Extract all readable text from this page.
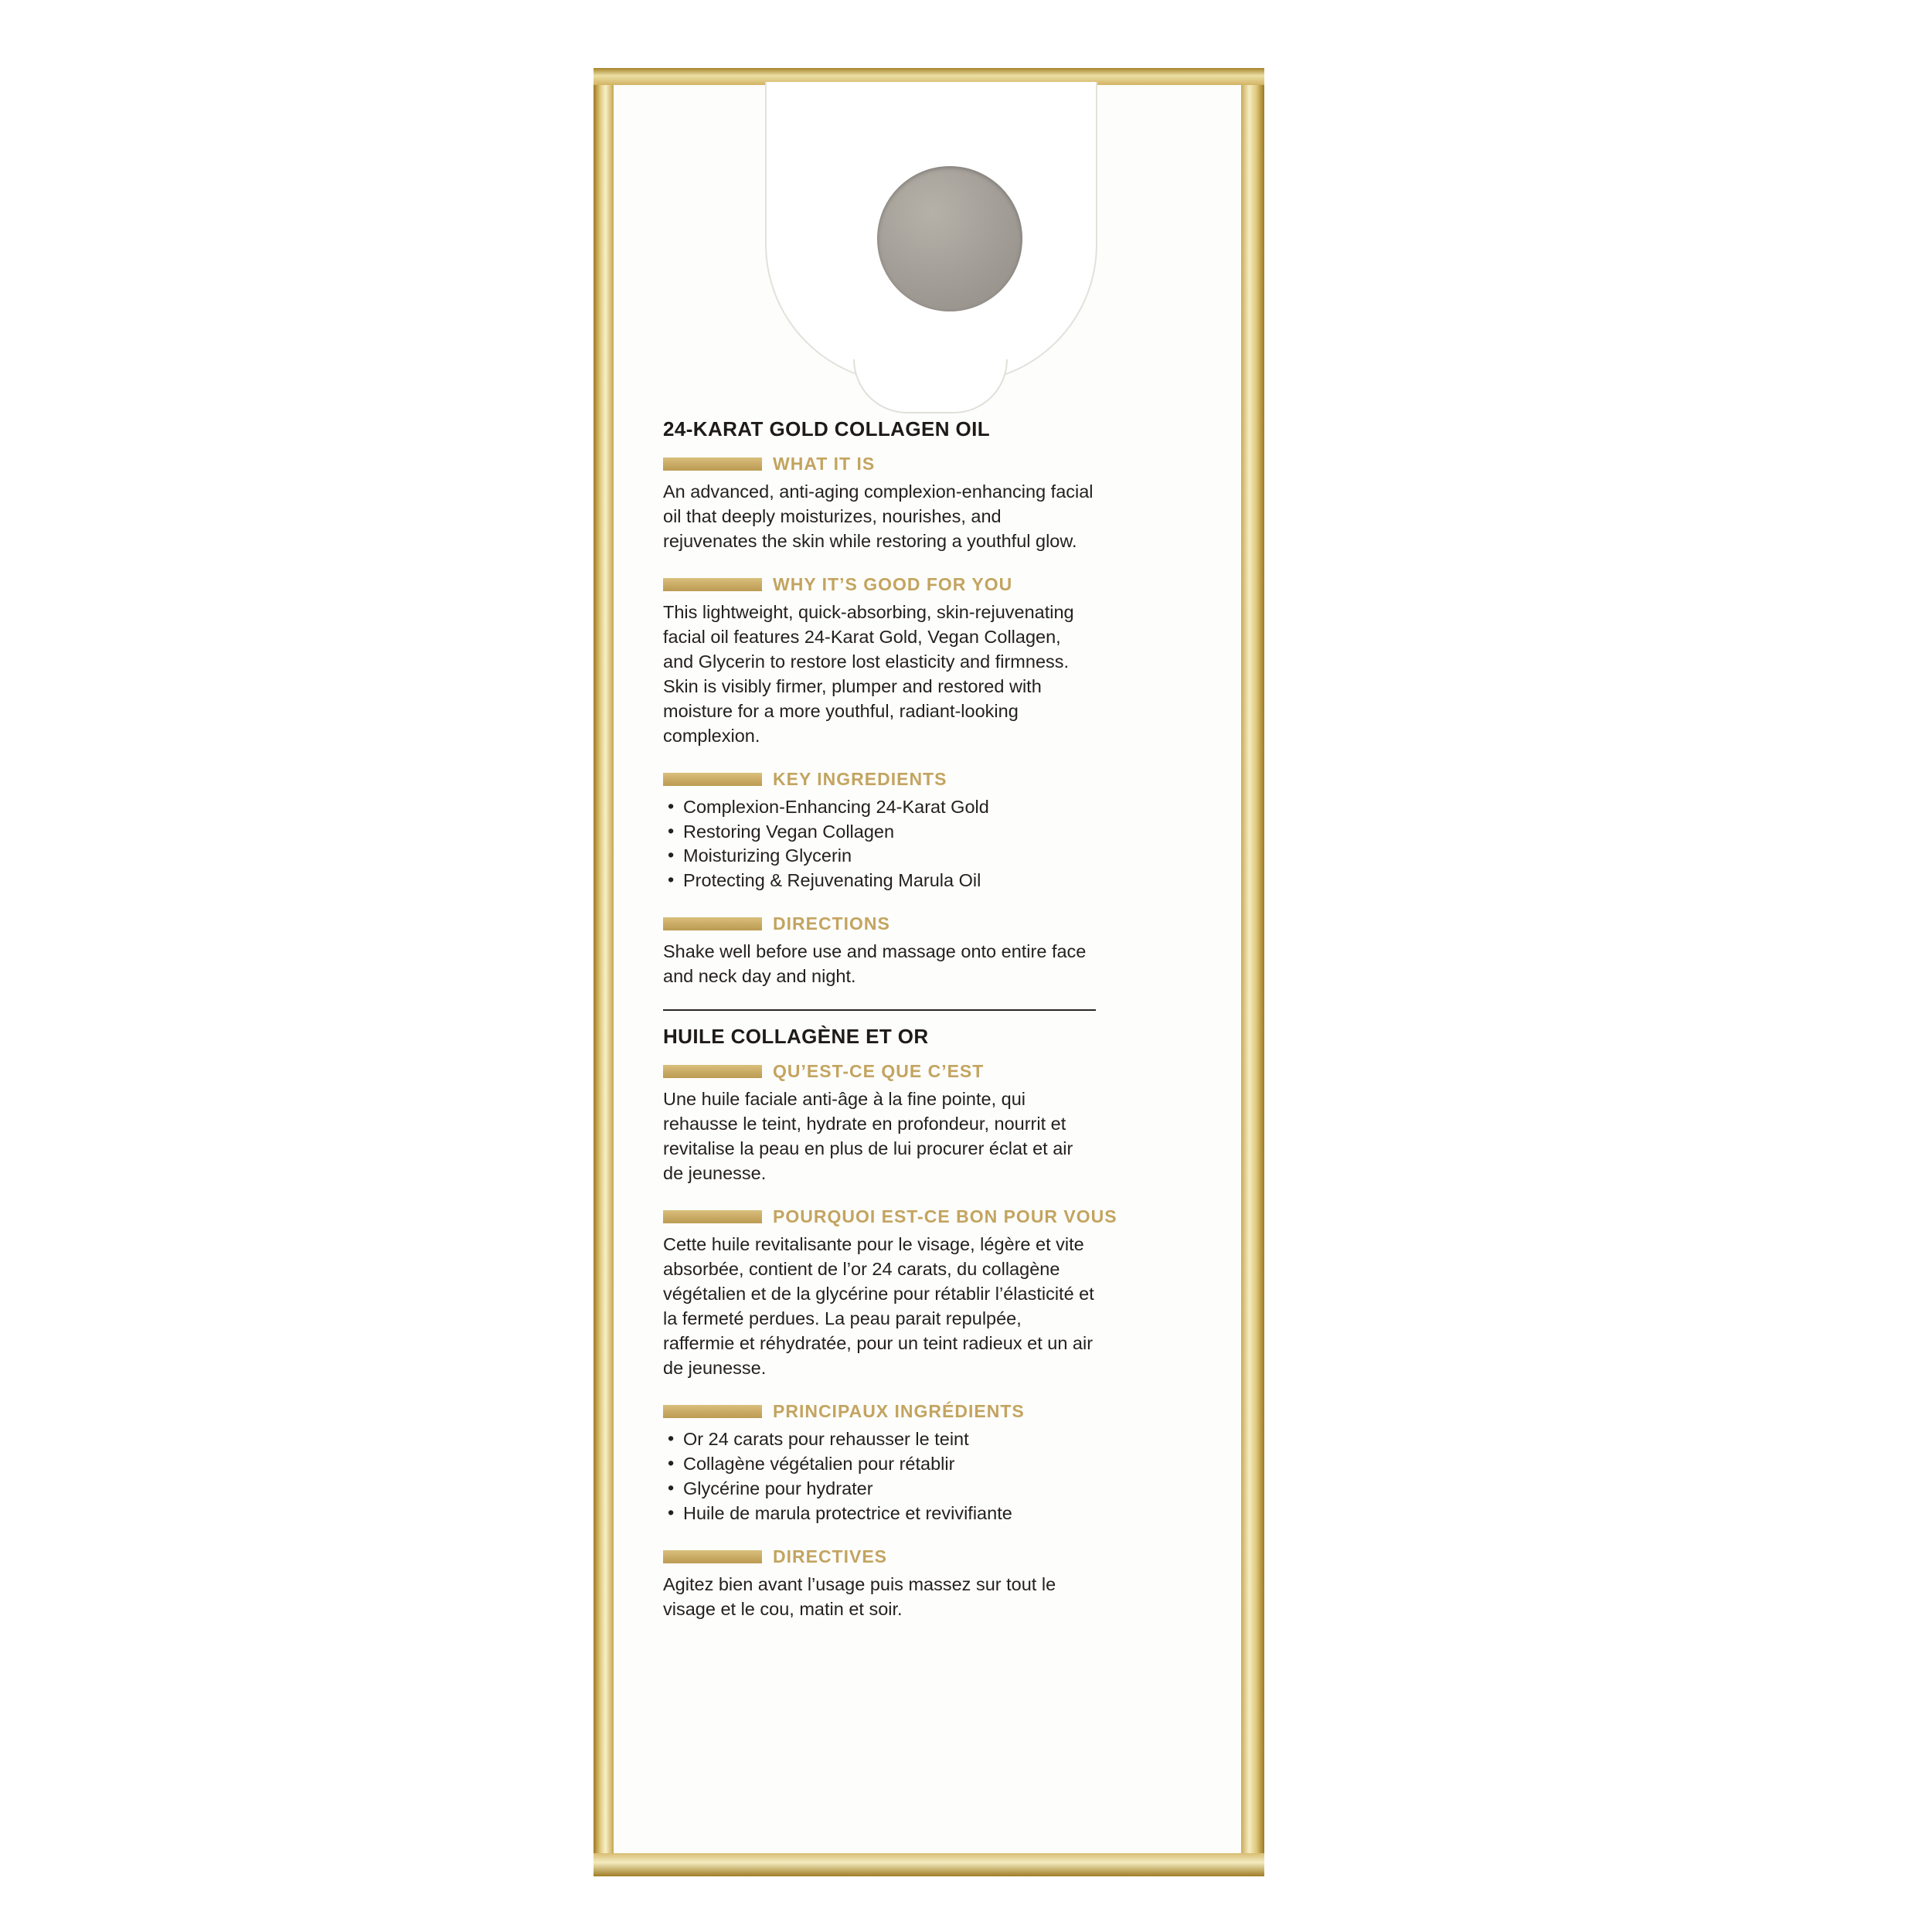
24-KARAT GOLD COLLAGEN OIL
WHAT IT IS

An advanced, anti-aging complexion-enhancing facial oil that deeply moisturizes, nourishes, and rejuvenates the skin while restoring a youthful glow.

WHY IT’S GOOD FOR YOU

This lightweight, quick-absorbing, skin-rejuvenating facial oil features 24-Karat Gold, Vegan Collagen, and Glycerin to restore lost elasticity and firmness. Skin is visibly firmer, plumper and restored with moisture for a more youthful, radiant-looking complexion.

KEY INGREDIENTS
• Complexion-Enhancing 24-Karat Gold
• Restoring Vegan Collagen
• Moisturizing Glycerin
• Protecting & Rejuvenating Marula Oil
DIRECTIONS

Shake well before use and massage onto entire face and neck day and night.

HUILE COLLAGÈNE ET OR
QU’EST-CE QUE C’EST

Une huile faciale anti-âge à la fine pointe, qui rehausse le teint, hydrate en profondeur, nourrit et revitalise la peau en plus de lui procurer éclat et air de jeunesse.

POURQUOI EST-CE BON POUR VOUS

Cette huile revitalisante pour le visage, légère et vite absorbée, contient de l’or 24 carats, du collagène végétalien et de la glycérine pour rétablir l’élasticité et la fermeté perdues. La peau parait repulpée, raffermie et réhydratée, pour un teint radieux et un air de jeunesse.

PRINCIPAUX INGRÉDIENTS
• Or 24 carats pour rehausser le teint
• Collagène végétalien pour rétablir
• Glycérine pour hydrater
• Huile de marula protectrice et revivifiante
DIRECTIVES

Agitez bien avant l’usage puis massez sur tout le visage et le cou, matin et soir.
